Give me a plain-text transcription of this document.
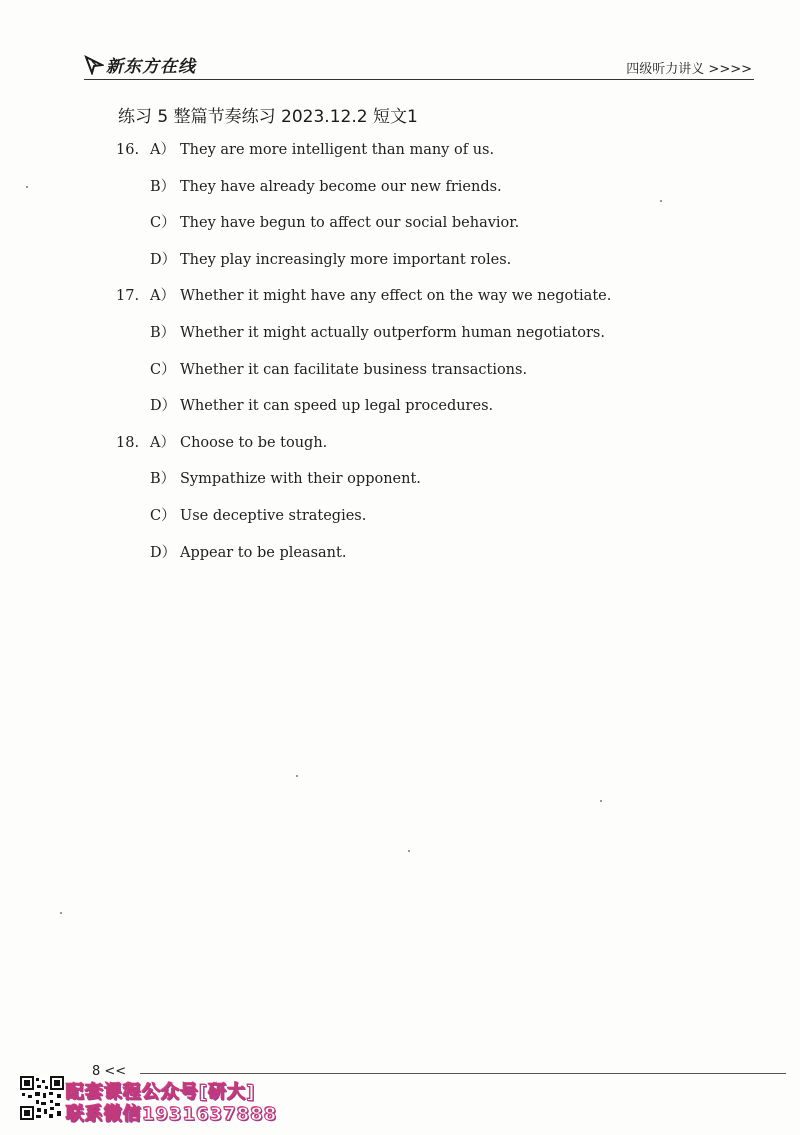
新东方在线	四级听力讲义 >>>>
练习 5 整篇节奏练习 2023.12.2 短文1
16. A） They are more intelligent than many of us.
B） They have already become our new friends.
C） They have begun to affect our social behavior.
D） They play increasingly more important roles.
17. A） Whether it might have any effect on the way we negotiate.
B） Whether it might actually outperform human negotiators.
C） Whether it can facilitate business transactions.
D） Whether it can speed up legal procedures.
18. A） Choose to be tough.
B） Sympathize with their opponent.
C） Use deceptive strategies.
D） Appear to be pleasant.
8 <<
配套课程公众号[研大]
联系微信1931637888
